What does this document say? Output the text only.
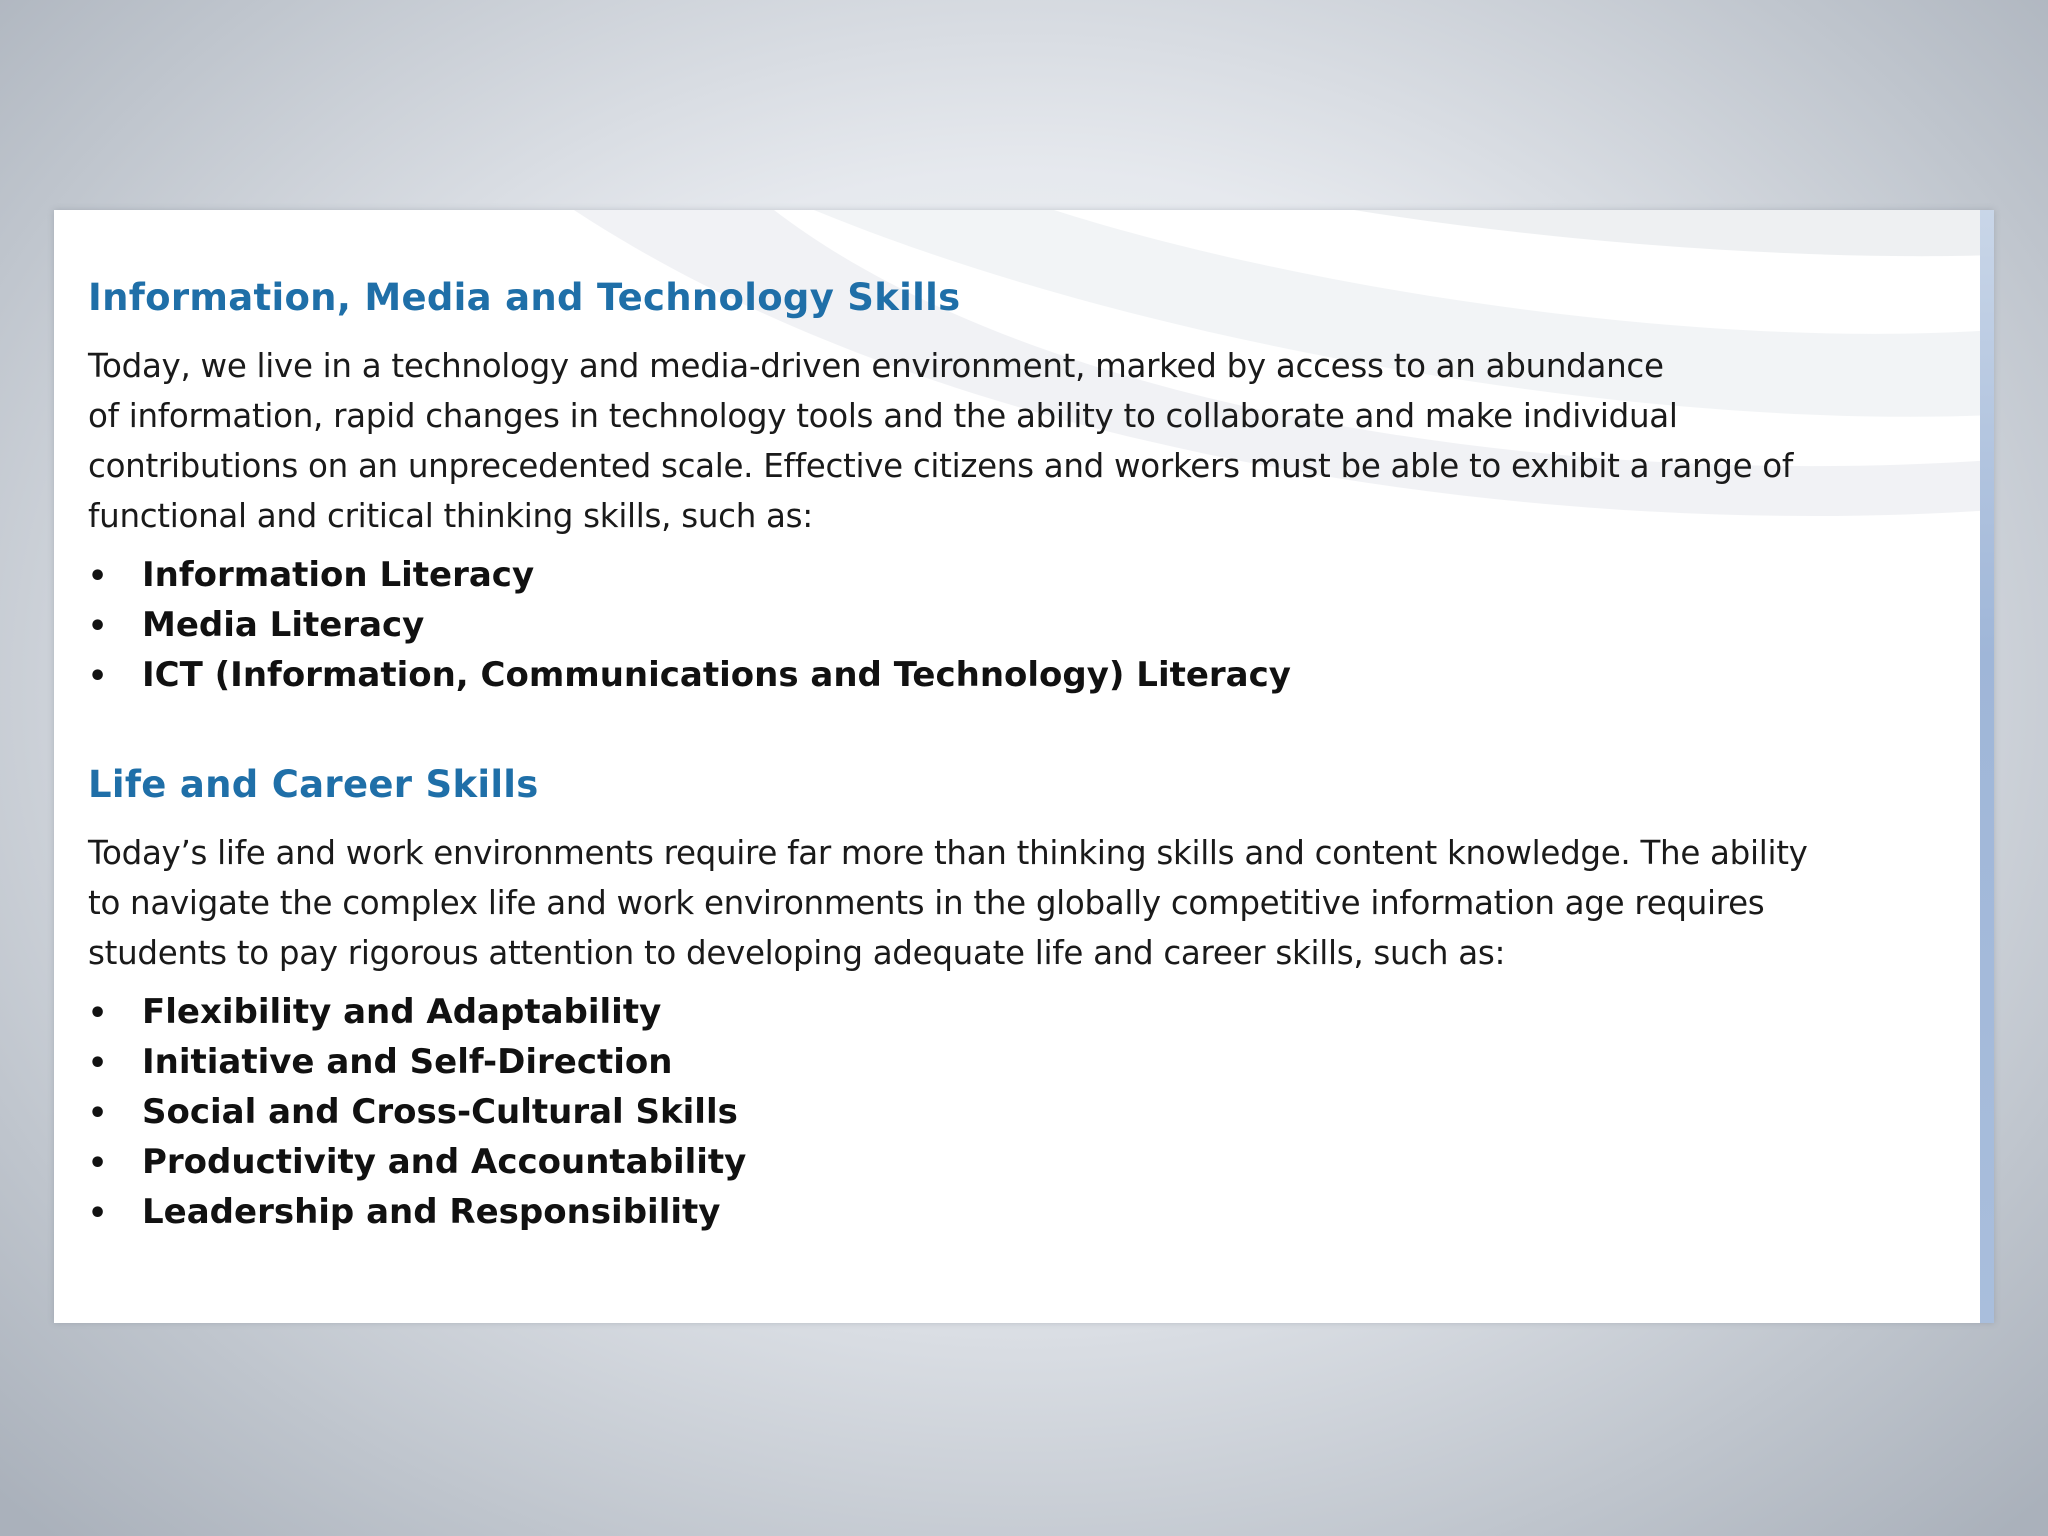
Information, Media and Technology Skills
Today, we live in a technology and media-driven environment, marked by access to an abundance
of information, rapid changes in technology tools and the ability to collaborate and make individual
contributions on an unprecedented scale. Effective citizens and workers must be able to exhibit a range of
functional and critical thinking skills, such as:
•	Information Literacy
•	Media Literacy
•	ICT (Information, Communications and Technology) Literacy
Life and Career Skills
Today’s life and work environments require far more than thinking skills and content knowledge. The ability
to navigate the complex life and work environments in the globally competitive information age requires
students to pay rigorous attention to developing adequate life and career skills, such as:
•	Flexibility and Adaptability
•	Initiative and Self-Direction
•	Social and Cross-Cultural Skills
•	Productivity and Accountability
•	Leadership and Responsibility
